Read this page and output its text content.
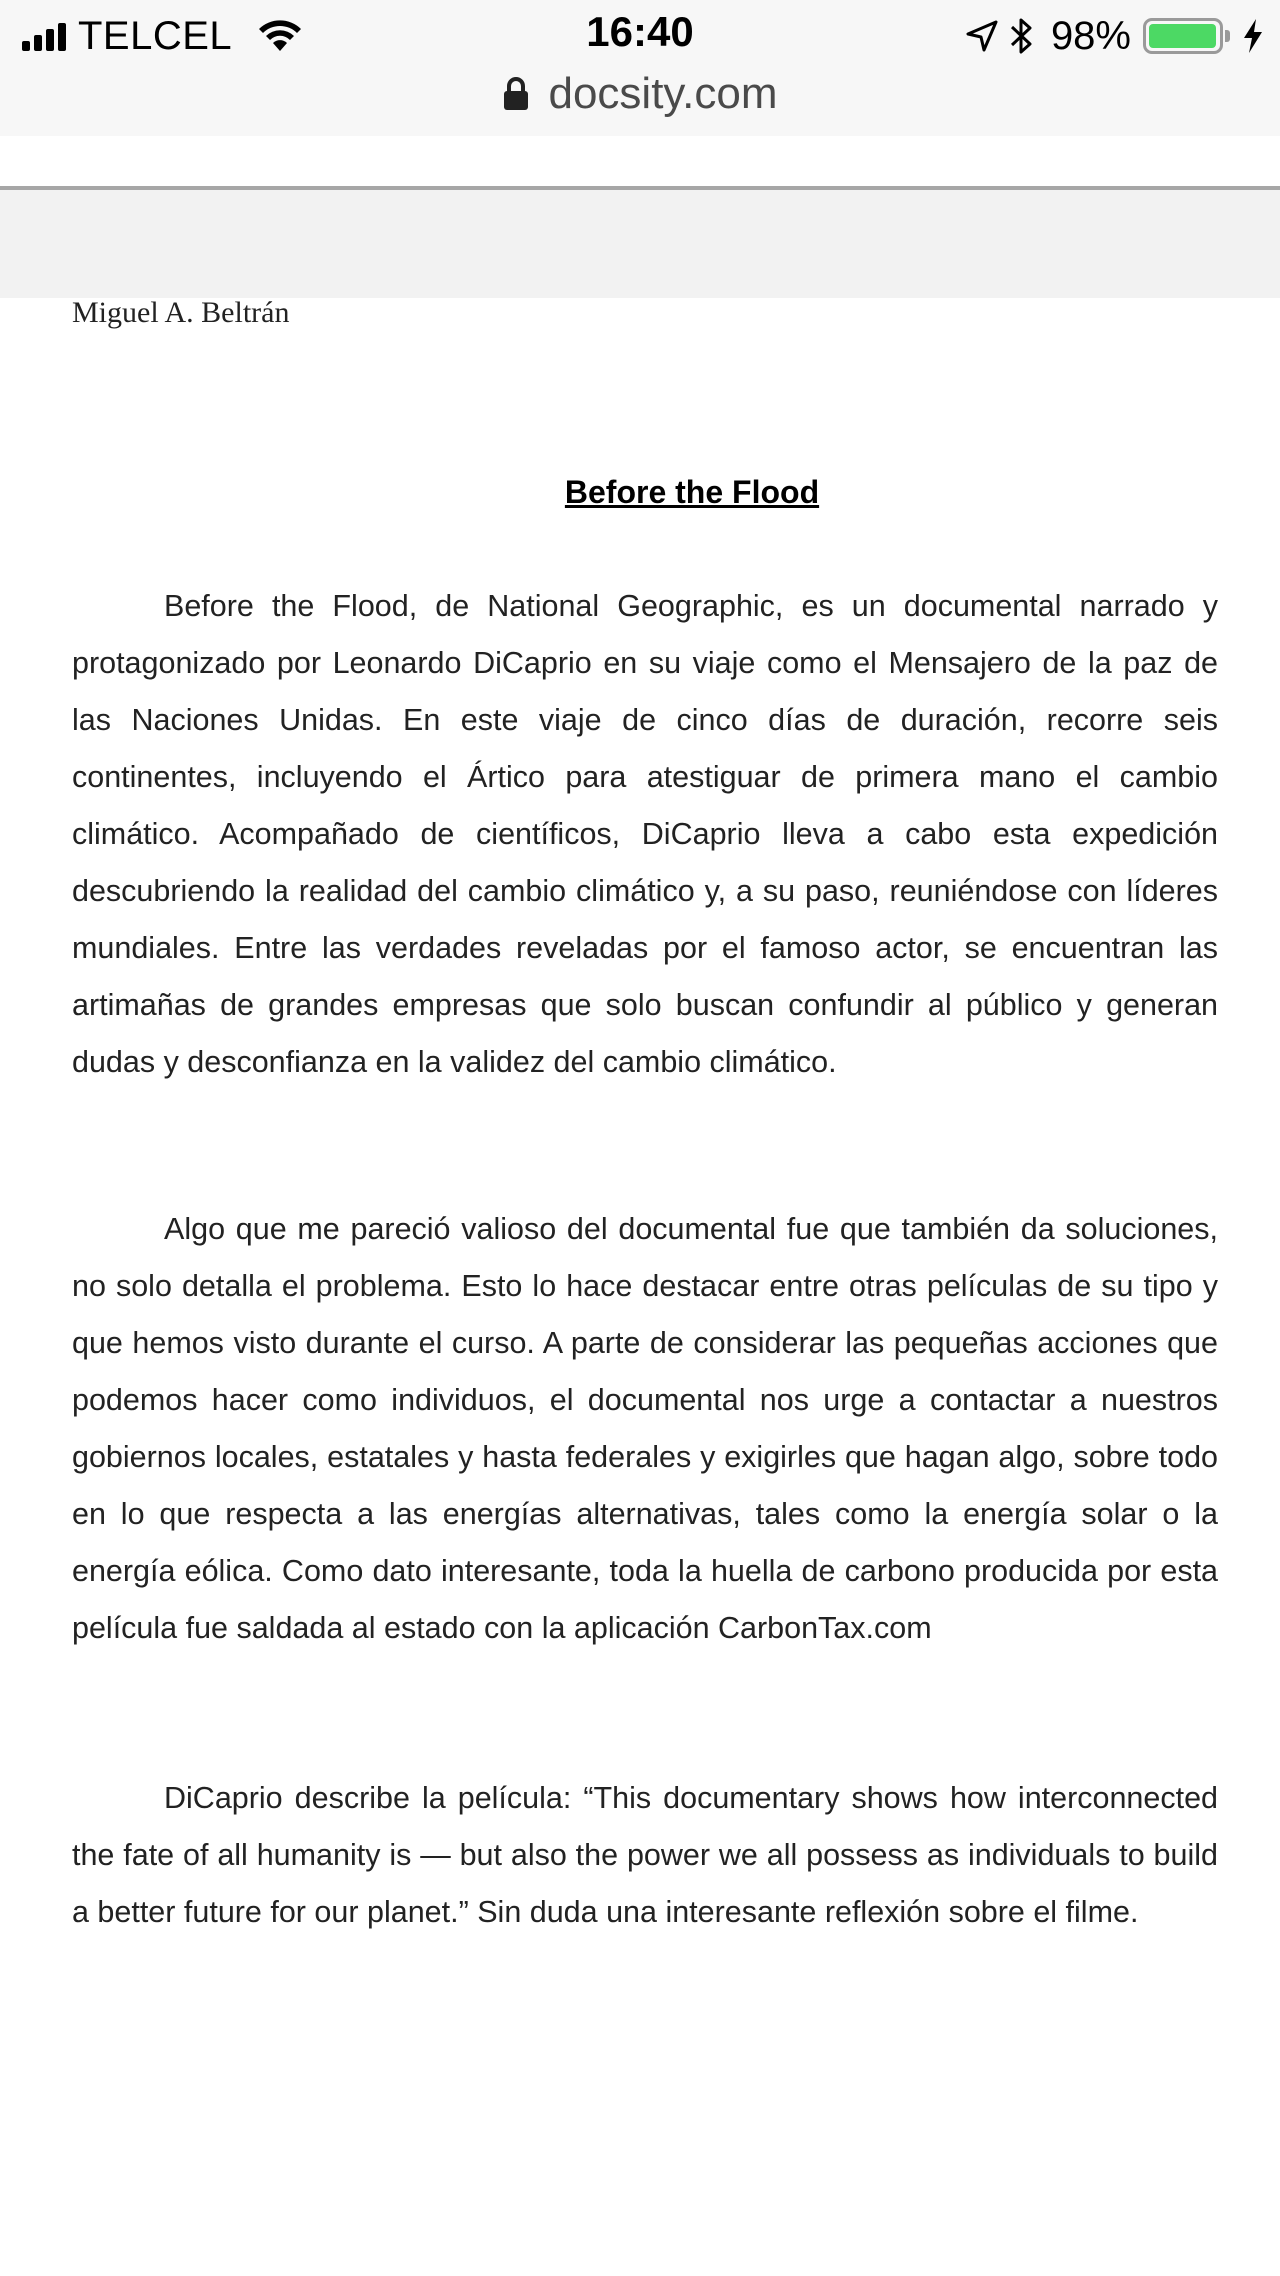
TELCEL	16:40	98%
docsity.com
Miguel A. Beltrán
Before the Flood

Before the Flood, de National Geographic, es un documental narrado y protagonizado por Leonardo DiCaprio en su viaje como el Mensajero de la paz de las Naciones Unidas. En este viaje de cinco días de duración, recorre seis continentes, incluyendo el Ártico para atestiguar de primera mano el cambio climático. Acompañado de científicos, DiCaprio lleva a cabo esta expedición descubriendo la realidad del cambio climático y, a su paso, reuniéndose con líderes mundiales. Entre las verdades reveladas por el famoso actor, se encuentran las artimañas de grandes empresas que solo buscan confundir al público y generan dudas y desconfianza en la validez del cambio climático.

Algo que me pareció valioso del documental fue que también da soluciones, no solo detalla el problema. Esto lo hace destacar entre otras películas de su tipo y que hemos visto durante el curso. A parte de considerar las pequeñas acciones que podemos hacer como individuos, el documental nos urge a contactar a nuestros gobiernos locales, estatales y hasta federales y exigirles que hagan algo, sobre todo en lo que respecta a las energías alternativas, tales como la energía solar o la energía eólica. Como dato interesante, toda la huella de carbono producida por esta película fue saldada al estado con la aplicación CarbonTax.com

DiCaprio describe la película: “This documentary shows how interconnected the fate of all humanity is — but also the power we all possess as individuals to build a better future for our planet.” Sin duda una interesante reflexión sobre el filme.
